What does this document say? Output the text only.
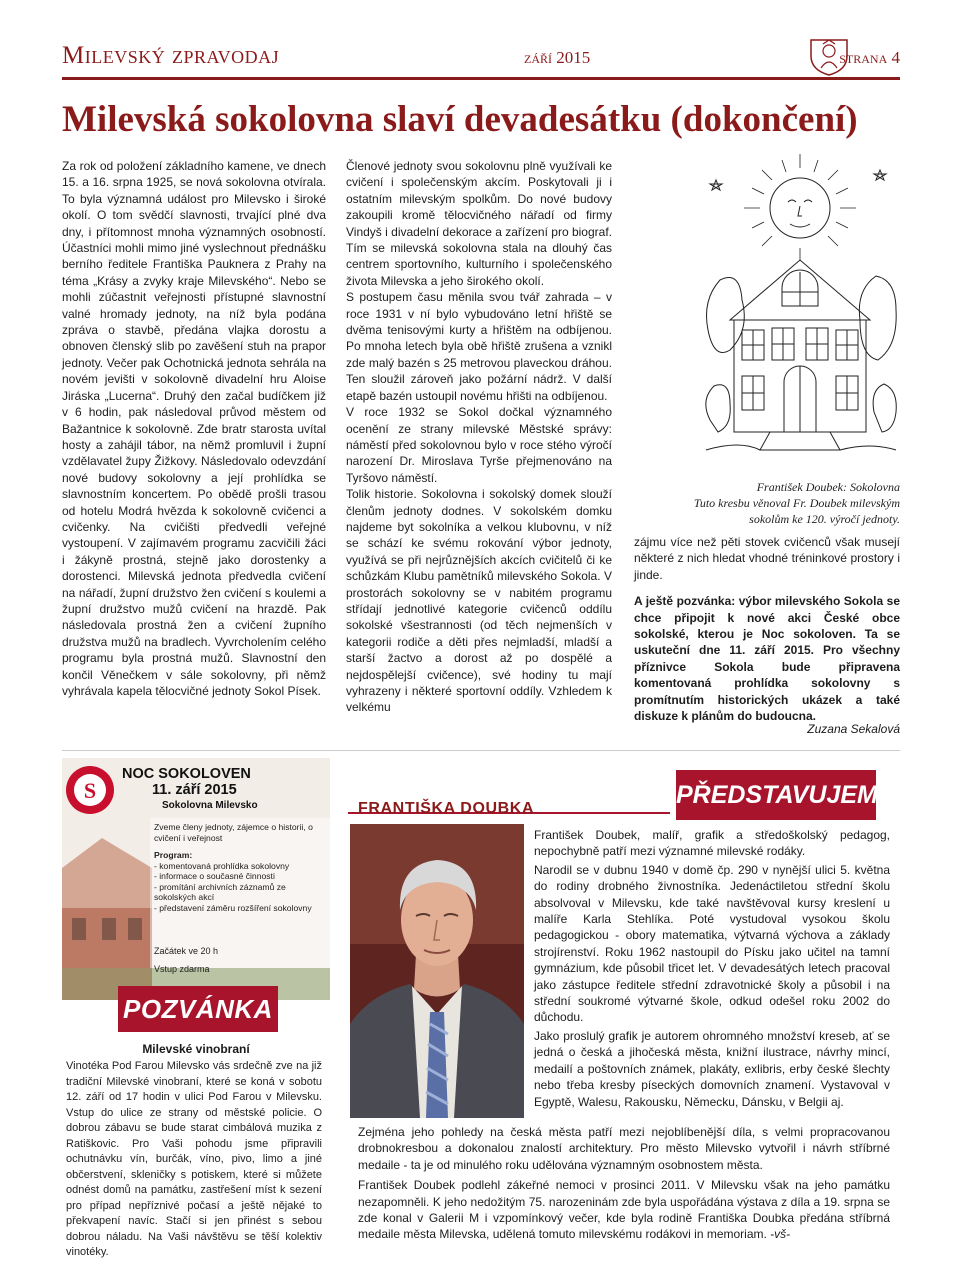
Milevský zpravodaj	září 2015	strana 4
Milevská sokolovna slaví devadesátku (dokončení)

Za rok od položení základního kamene, ve dnech 15. a 16. srpna 1925, se nová sokolovna otvírala. To byla významná událost pro Milevsko i široké okolí. O tom svědčí slavnosti, trvající plné dva dny, i přítomnost mnoha významných osobností. Účastníci mohli mimo jiné vyslechnout přednášku berního ředitele Františka Pauknera z Prahy na téma „Krásy a zvyky kraje Milevského“. Nebo se mohli zúčastnit veřejnosti přístupné slavnostní valné hromady jednoty, na níž byla podána zpráva o stavbě, předána vlajka dorostu a obnoven členský slib po zavěšení stuh na prapor jednoty. Večer pak Ochotnická jednota sehrála na novém jevišti v sokolovně divadelní hru Aloise Jiráska „Lucerna“. Druhý den začal budíčkem již v 6 hodin, pak následoval průvod městem od Bažantnice k sokolovně. Zde bratr starosta uvítal hosty a zahájil tábor, na němž promluvil i župní vzdělavatel župy Žižkovy. Následovalo odevzdání nové budovy sokolovny a její prohlídka se slavnostním koncertem. Po obědě prošli trasou od hotelu Modrá hvězda k sokolovně cvičenci a cvičenky. Na cvičišti předvedli veřejné vystoupení. V zajímavém programu zacvičili žáci i žákyně prostná, stejně jako dorostenky a dorostenci. Milevská jednota předvedla cvičení na nářadí, župní družstvo žen cvičení s koulemi a župní družstvo mužů cvičení na hrazdě. Pak následovala prostná žen a cvičení župního družstva mužů na bradlech. Vyvrcholením celého programu byla prostná mužů. Slavnostní den končil Věnečkem v sále sokolovny, při němž vyhrávala kapela tělocvičné jednoty Sokol Písek.

Členové jednoty svou sokolovnu plně využívali ke cvičení i společenským akcím. Poskytovali ji i ostatním milevským spolkům. Do nové budovy zakoupili kromě tělocvičného nářadí od firmy Vindyš i divadelní dekorace a zařízení pro biograf. Tím se milevská sokolovna stala na dlouhý čas centrem sportovního, kulturního i společenského života Milevska a jeho širokého okolí.

S postupem času měnila svou tvář zahrada – v roce 1931 v ní bylo vybudováno letní hřiště se dvěma tenisovými kurty a hřištěm na odbíjenou. Po mnoha letech byla obě hřiště zrušena a vznikl zde malý bazén s 25 metrovou plaveckou dráhou. Ten sloužil zároveň jako požární nádrž. V další etapě bazén ustoupil novému hřišti na odbíjenou.

V roce 1932 se Sokol dočkal významného ocenění ze strany milevské Městské správy: náměstí před sokolovnou bylo v roce stého výročí narození Dr. Miroslava Tyrše přejmenováno na Tyršovo náměstí.

Tolik historie. Sokolovna i sokolský domek slouží členům jednoty dodnes. V sokolském domku najdeme byt sokolníka a velkou klubovnu, v níž se schází ke svému rokování výbor jednoty, využívá se při nejrůznějších akcích cvičitelů či ke schůzkám Klubu pamětníků milevského Sokola. V prostorách sokolovny se v nabitém programu střídají jednotlivé kategorie cvičenců oddílu sokolské všestrannosti (od těch nejmenších v kategorii rodiče a děti přes nejmladší, mladší a starší žactvo a dorost až po dospělé a nejdospělejší cvičence), své hodiny tu mají vyhrazeny i některé sportovní oddíly. Vzhledem k velkému

František Doubek: Sokolovna
Tuto kresbu věnoval Fr. Doubek milevským
sokolům ke 120. výročí jednoty.

zájmu více než pěti stovek cvičenců však musejí některé z nich hledat vhodné tréninkové prostory i jinde.

A ještě pozvánka: výbor milevského Sokola se chce připojit k nové akci České obce sokolské, kterou je Noc sokoloven. Ta se uskuteční dne 11. září 2015. Pro všechny příznivce Sokola bude připravena komentovaná prohlídka sokolovny s promítnutím historických ukázek a také diskuze k plánům do budoucna.

Zuzana Sekalová
S
NOC SOKOLOVEN
11. září 2015
Sokolovna Milevsko
Zveme členy jednoty, zájemce o historii, o cvičení i veřejnost
Program:
- komentovaná prohlídka sokolovny
- informace o současné činnosti
- promítání archivních záznamů ze sokolských akcí
- představení záměru rozšíření sokolovny
Začátek ve 20 h
Vstup zdarma
POZVÁNKA
Milevské vinobraní

Vinotéka Pod Farou Milevsko vás srdečně zve na již tradiční Milevské vinobraní, které se koná v sobotu 12. září od 17 hodin v ulici Pod Farou v Milevsku. Vstup do ulice ze strany od městské policie. O dobrou zábavu se bude starat cimbálová muzika z Ratiškovic. Pro Vaši pohodu jsme připravili ochutnávku vín, burčák, víno, pivo, limo a jiné občerstvení, skleničky s potiskem, které si můžete odnést domů na památku, zastřešení míst k sezení pro případ nepříznivé počasí a ještě nějaké to překvapení navíc. Stačí si jen přinést s sebou dobrou náladu. Na Vaši návštěvu se těší kolektiv vinotéky.

FRANTIŠKA DOUBKA	PŘEDSTAVUJEME

František Doubek, malíř, grafik a středoškolský pedagog, nepochybně patří mezi významné milevské rodáky.

Narodil se v dubnu 1940 v domě čp. 290 v nynější ulici 5. května do rodiny drobného živnostníka. Jedenáctiletou střední školu absolvoval v Milevsku, kde také navštěvoval kursy kreslení u malíře Karla Stehlíka. Poté vystudoval vysokou školu pedagogickou - obory matematika, výtvarná výchova a základy strojírenství. Roku 1962 nastoupil do Písku jako učitel na tamní gymnázium, kde působil třicet let. V devadesátých letech pracoval jako zástupce ředitele střední zdravotnické školy a působil i na střední soukromé výtvarné škole, odkud odešel roku 2002 do důchodu.

Jako proslulý grafik je autorem ohromného množství kreseb, ať se jedná o česká a jihočeská města, knižní ilustrace, návrhy mincí, medailí a poštovních známek, plakáty, exlibris, erby české šlechty nebo třeba kresby píseckých domovních znamení. Vystavoval v Egyptě, Walesu, Rakousku, Německu, Dánsku, v Belgii aj.

Zejména jeho pohledy na česká města patří mezi nejoblíbenější díla, s velmi propracovanou drobnokresbou a dokonalou znalostí architektury. Pro město Milevsko vytvořil i návrh stříbrné medaile - ta je od minulého roku udělována významným osobnostem města.

František Doubek podlehl zákeřné nemoci v prosinci 2011. V Milevsku však na jeho památku nezapomněli. K jeho nedožitým 75. narozeninám zde byla uspořádána výstava z díla a 19. srpna se zde konal v Galerii M i vzpomínkový večer, kde byla rodině Františka Doubka předána stříbrná medaile města Milevska, udělená tomuto milevskému rodákovi in memoriam. -vš-
